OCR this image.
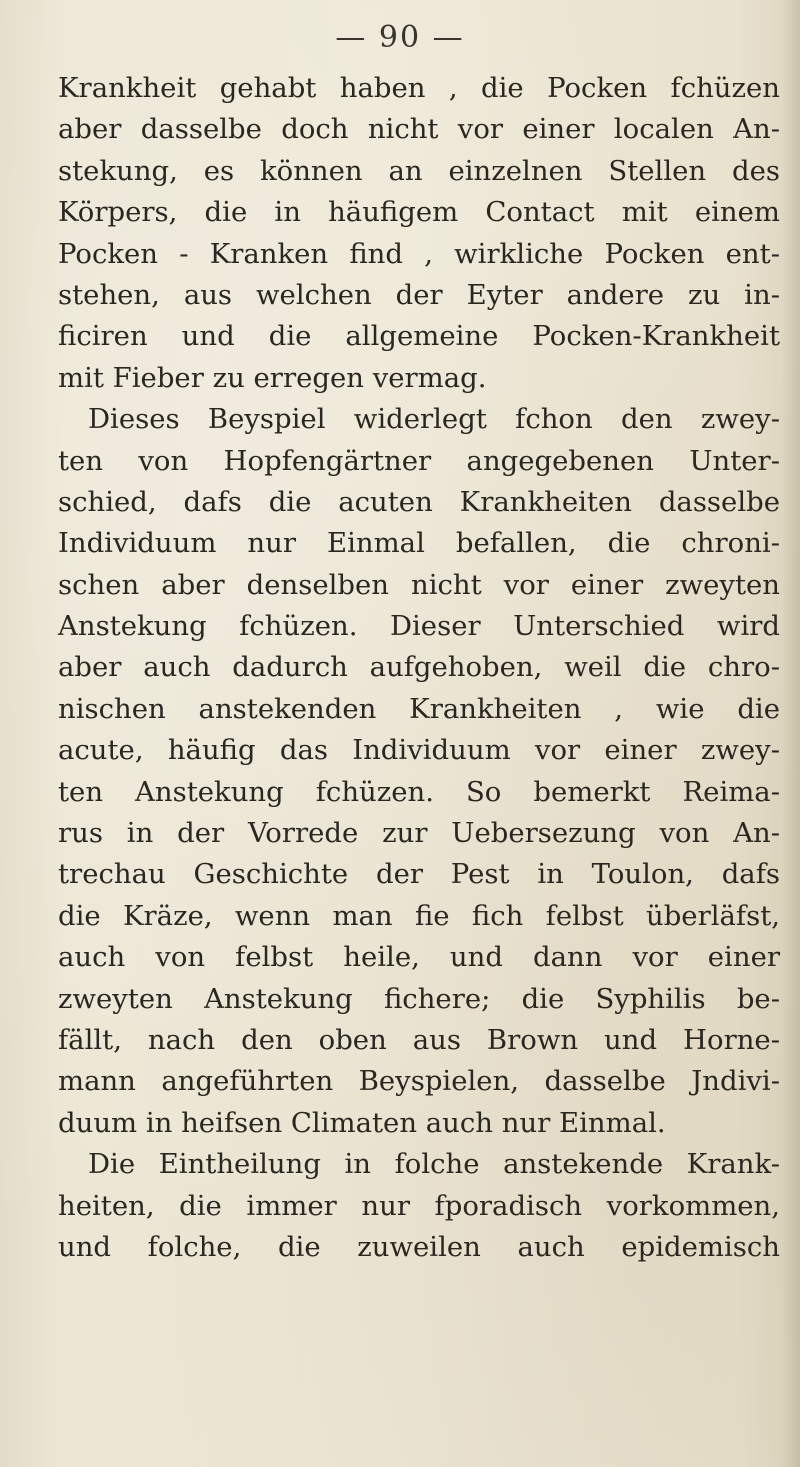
— 90 —
Krankheit gehabt haben , die Pocken fchüzen
aber dasselbe doch nicht vor einer localen An-
stekung, es können an einzelnen Stellen des
Körpers, die in häufigem Contact mit einem
Pocken - Kranken find , wirkliche Pocken ent-
stehen, aus welchen der Eyter andere zu in-
ficiren und die allgemeine Pocken-Krankheit
mit Fieber zu erregen vermag.
Dieses Beyspiel widerlegt fchon den zwey-
ten von Hopfengärtner angegebenen Unter-
schied, dafs die acuten Krankheiten dasselbe
Individuum nur Einmal befallen, die chroni-
schen aber denselben nicht vor einer zweyten
Anstekung fchüzen. Dieser Unterschied wird
aber auch dadurch aufgehoben, weil die chro-
nischen anstekenden Krankheiten , wie die
acute, häufig das Individuum vor einer zwey-
ten Anstekung fchüzen. So bemerkt Reima-
rus in der Vorrede zur Uebersezung von An-
trechau Geschichte der Pest in Toulon, dafs
die Kräze, wenn man fie fich felbst überläfst,
auch von felbst heile, und dann vor einer
zweyten Anstekung fichere; die Syphilis be-
fällt, nach den oben aus Brown und Horne-
mann angeführten Beyspielen, dasselbe Jndivi-
duum in heifsen Climaten auch nur Einmal.
Die Eintheilung in folche anstekende Krank-
heiten, die immer nur fporadisch vorkommen,
und folche, die zuweilen auch epidemisch
